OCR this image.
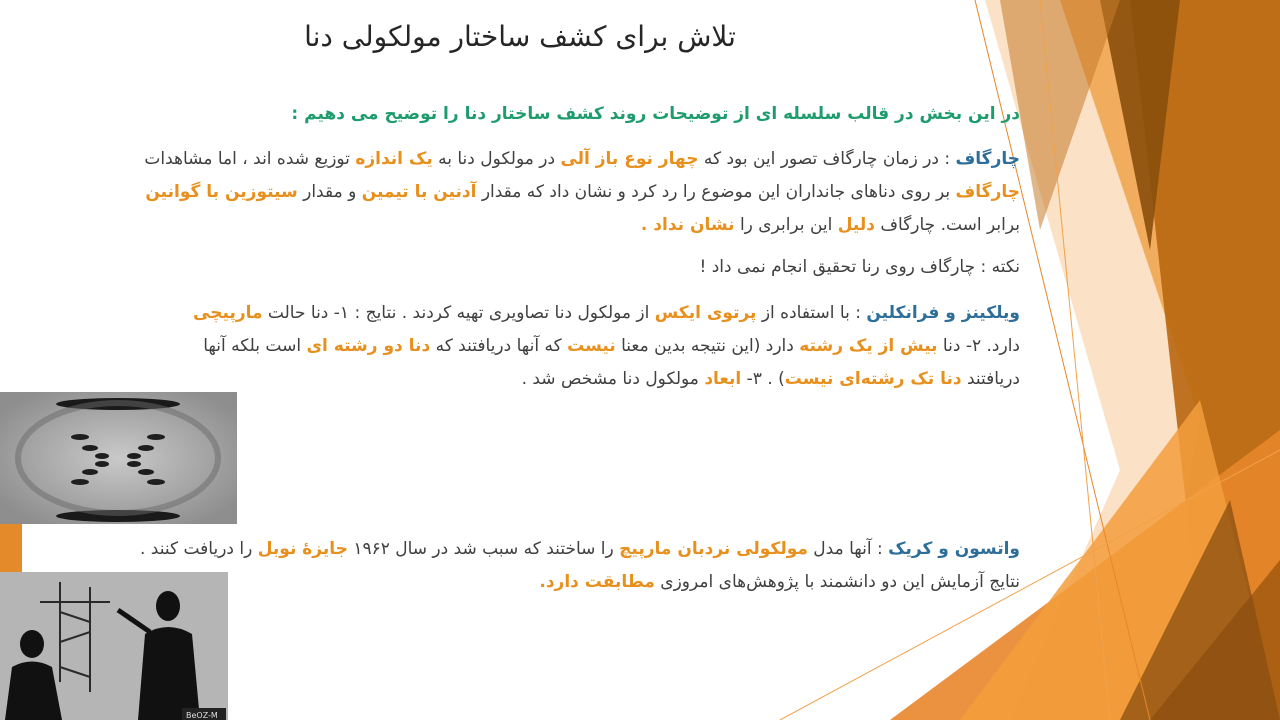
تلاش برای کشف ساختار مولکولی دنا
در این بخش در قالب سلسله ای از توضیحات روند کشف ساختار دنا را توضیح می دهیم :
چارگاف : در زمان چارگاف تصور این بود که چهار نوع باز آلی در مولکول دنا به یک اندازه توزیع شده اند ، اما مشاهدات چارگاف بر روی دناهای جانداران این موضوع را رد کرد و نشان داد که مقدار آدنین با تیمین و مقدار سیتوزین با گوانین برابر است. چارگاف دلیل این برابری را نشان نداد .
نکته : چارگاف روی رنا تحقیق انجام نمی داد !
ویلکینز و فرانکلین : با استفاده از پرتوی ایکس از مولکول دنا تصاویری تهیه کردند . نتایج : ۱- دنا حالت مارپیچی دارد. ۲- دنا بیش از یک رشته دارد (این نتیجه بدین معنا نیست که آنها دریافتند که دنا دو رشته ای است بلکه آنها دریافتند دنا تک رشته‌ای نیست) . ۳- ابعاد مولکول دنا مشخص شد .
واتسون و کریک : آنها مدل مولکولی نردبان مارپیچ را ساختند که سبب شد در سال ۱۹۶۲ جایزۀ نوبل را دریافت کنند . نتایج آزمایش این دو دانشمند با پژوهش‌های امروزی مطابقت دارد.
BeOZ-M
